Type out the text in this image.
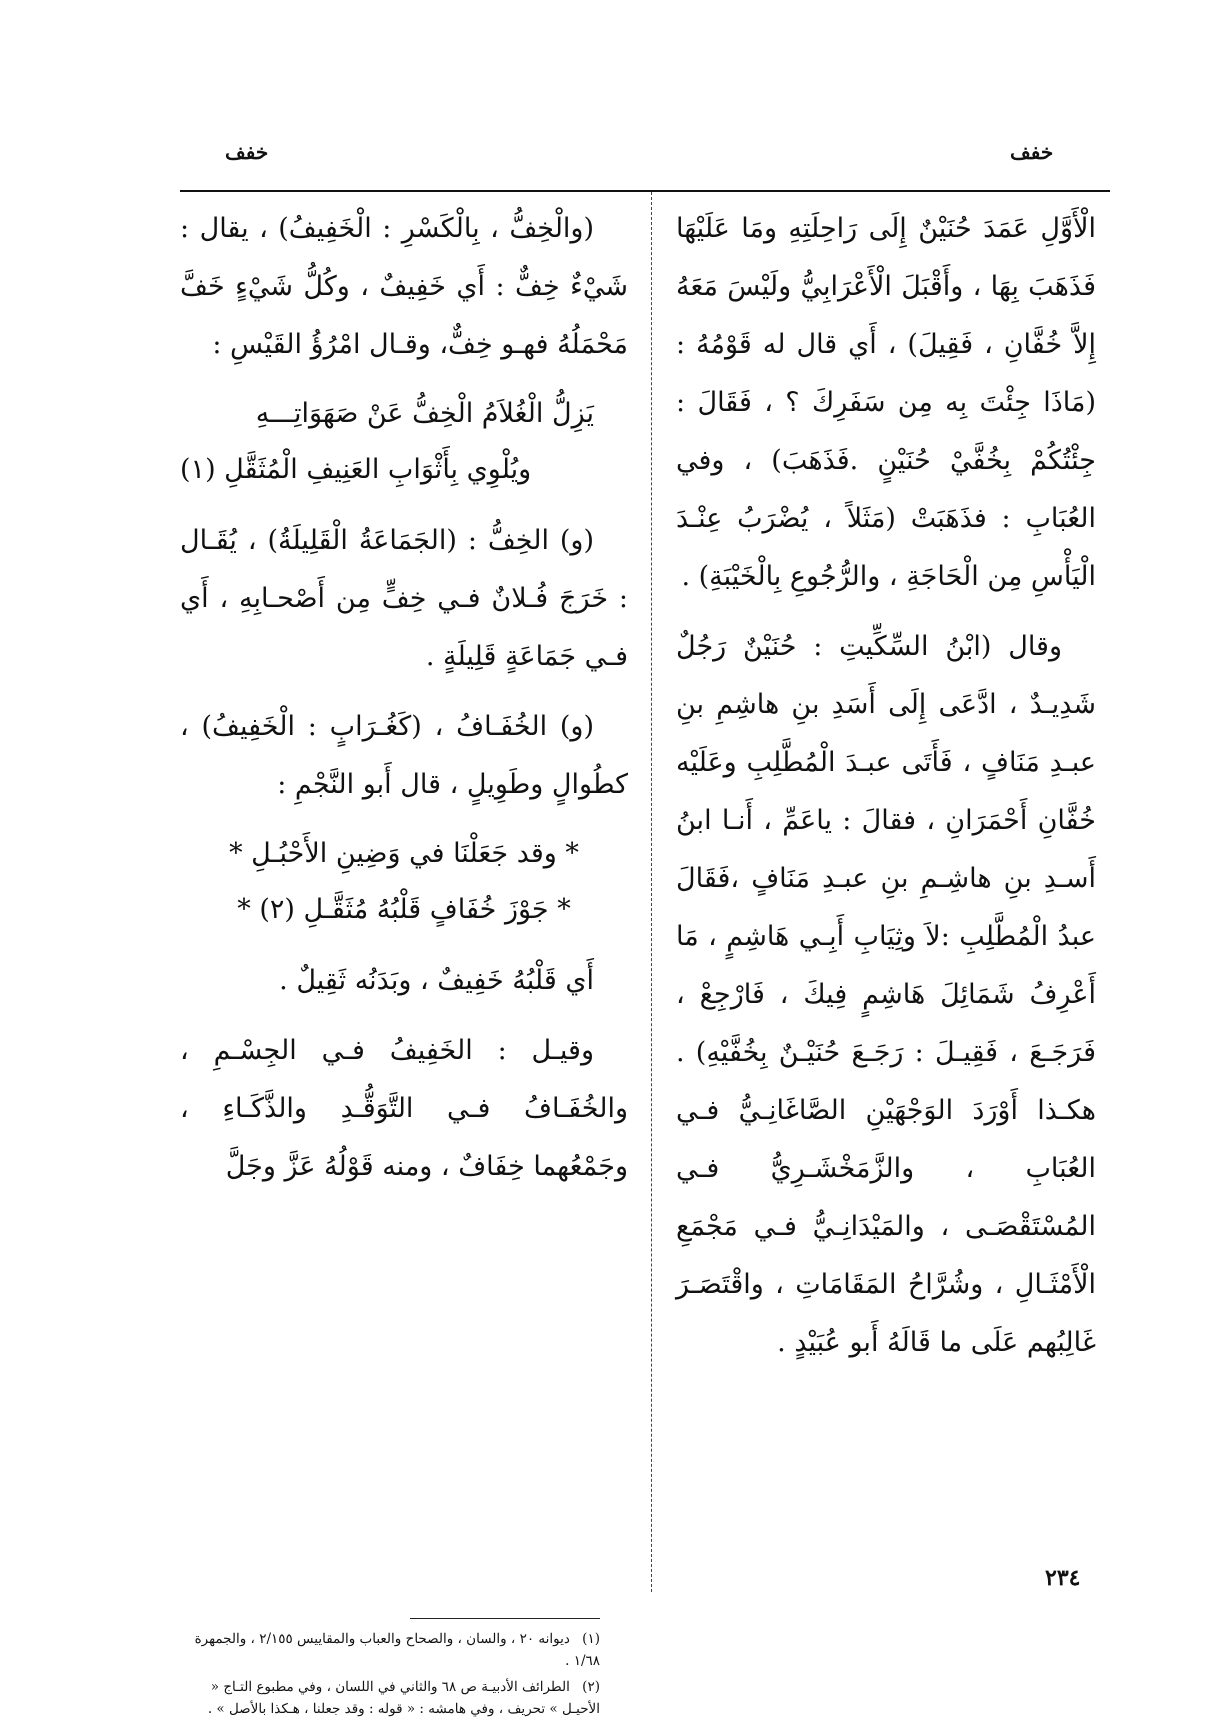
خفف
خفف

الْأَوَّلِ عَمَدَ حُنَيْنٌ إِلَى رَاحِلَتِهِ ومَا عَلَيْهَا فَذَهَبَ بِهَا ، وأَقْبَلَ الْأَعْرَابِيُّ ولَيْسَ مَعَهُ إِلاَّ خُفَّانِ ، فَقِيلَ) ، أَي قال له قَوْمُهُ : (مَاذَا جِئْتَ بِه مِن سَفَرِكَ ؟ ، فَقَالَ : جِئْتُكُمْ بِخُفَّيْ حُنَيْنٍ .فَذَهَبَ) ، وفي العُبَابِ : فذَهَبَتْ (مَثَلاً ، يُضْرَبُ عِنْـدَ الْيَأْسِ مِن الْحَاجَةِ ، والرُّجُوعِ بِالْخَيْبَةِ) .

وقال (ابْنُ السِّكِّيتِ : حُنَيْنٌ رَجُلٌ شَدِيـدٌ ، ادَّعَى إِلَى أَسَدِ بنِ هاشِمِ بنِ عبـدِ مَنَافٍ ، فَأَتَى عبـدَ الْمُطَّلِبِ وعَلَيْه خُفَّانِ أَحْمَرَانِ ، فقالَ : ياعَمِّ ، أَنـا ابنُ أَسـدِ بنِ هاشِـمِ بنِ عبـدِ مَنَافٍ ،فَقَالَ عبدُ الْمُطَّلِبِ :لاَ وثِيَابِ أَبِـي هَاشِمٍ ، مَا أَعْرِفُ شَمَائِلَ هَاشِمٍ فِيكَ ، فَارْجِعْ ، فَرَجَـعَ ، فَقِيـلَ : رَجَـعَ حُنَيْـنٌ بِخُفَّيْهِ) . هكـذا أَوْرَدَ الوَجْهَيْنِ الصَّاغَانِـيُّ فـي العُبَابِ ، والزَّمَخْشَـرِيُّ فـي المُسْتَقْصَـى ، والمَيْدَانِـيُّ فـي مَجْمَعِ الْأَمْثَـالِ ، وشُرَّاحُ المَقَامَاتِ ، واقْتَصَـرَ غَالِبُهم عَلَى ما قَالَهُ أَبو عُبَيْدٍ .

(والْخِفُّ ، بِالْكَسْرِ : الْخَفِيفُ) ، يقال : شَيْءٌ خِفٌّ : أَي خَفِيفٌ ، وكُلُّ شَيْءٍ خَفَّ مَحْمَلُهُ فهـو خِفٌّ، وقـال امْرُؤُ القَيْسِ :

يَزِلُّ الْغُلاَمُ الْخِفُّ عَنْ صَهَوَاتِـــهِ
ويُلْوِي بِأَثْوَابِ العَنِيفِ الْمُثَقَّلِ (١)

(و) الخِفُّ : (الجَمَاعَةُ الْقَلِيلَةُ) ، يُقَـال : خَرَجَ فُـلانٌ فـي خِفٍّ مِن أَصْحـابِهِ ، أَي فـي جَمَاعَةٍ قَلِيلَةٍ .

(و) الخُفَـافُ ، (كَغُـرَابٍ : الْخَفِيفُ) ، كطُوالٍ وطَوِيلٍ ، قال أَبو النَّجْمِ :

* وقد جَعَلْنَا في وَضِينِ الأَحْبُـلِ *
* جَوْزَ خُفَافٍ قَلْبُهُ مُثَقَّـلِ (٢) *

أَي قَلْبُهُ خَفِيفٌ ، وبَدَنُه ثَقِيلٌ .

وقيـل : الخَفِيفُ فـي الجِسْـمِ ، والخُفَـافُ فـي التَّوَقُّـدِ والذَّكَـاءِ ، وجَمْعُهما خِفَافٌ ، ومنه قَوْلُهُ عَزَّ وجَلَّ

(١) ديوانه ٢٠ ، والسان ، والصحاح والعباب والمقاييس ٢/١٥٥ ، والجمهرة ١/٦٨ .
(٢) الطرائف الأدبيـة ص ٦٨ والثاني في اللسان ، وفي مطبوع التـاج « الأحيـل » تحريف ، وفي هامشه : « قوله : وقد جعلنا ، هـكذا بالأصل » .
٢٣٤
